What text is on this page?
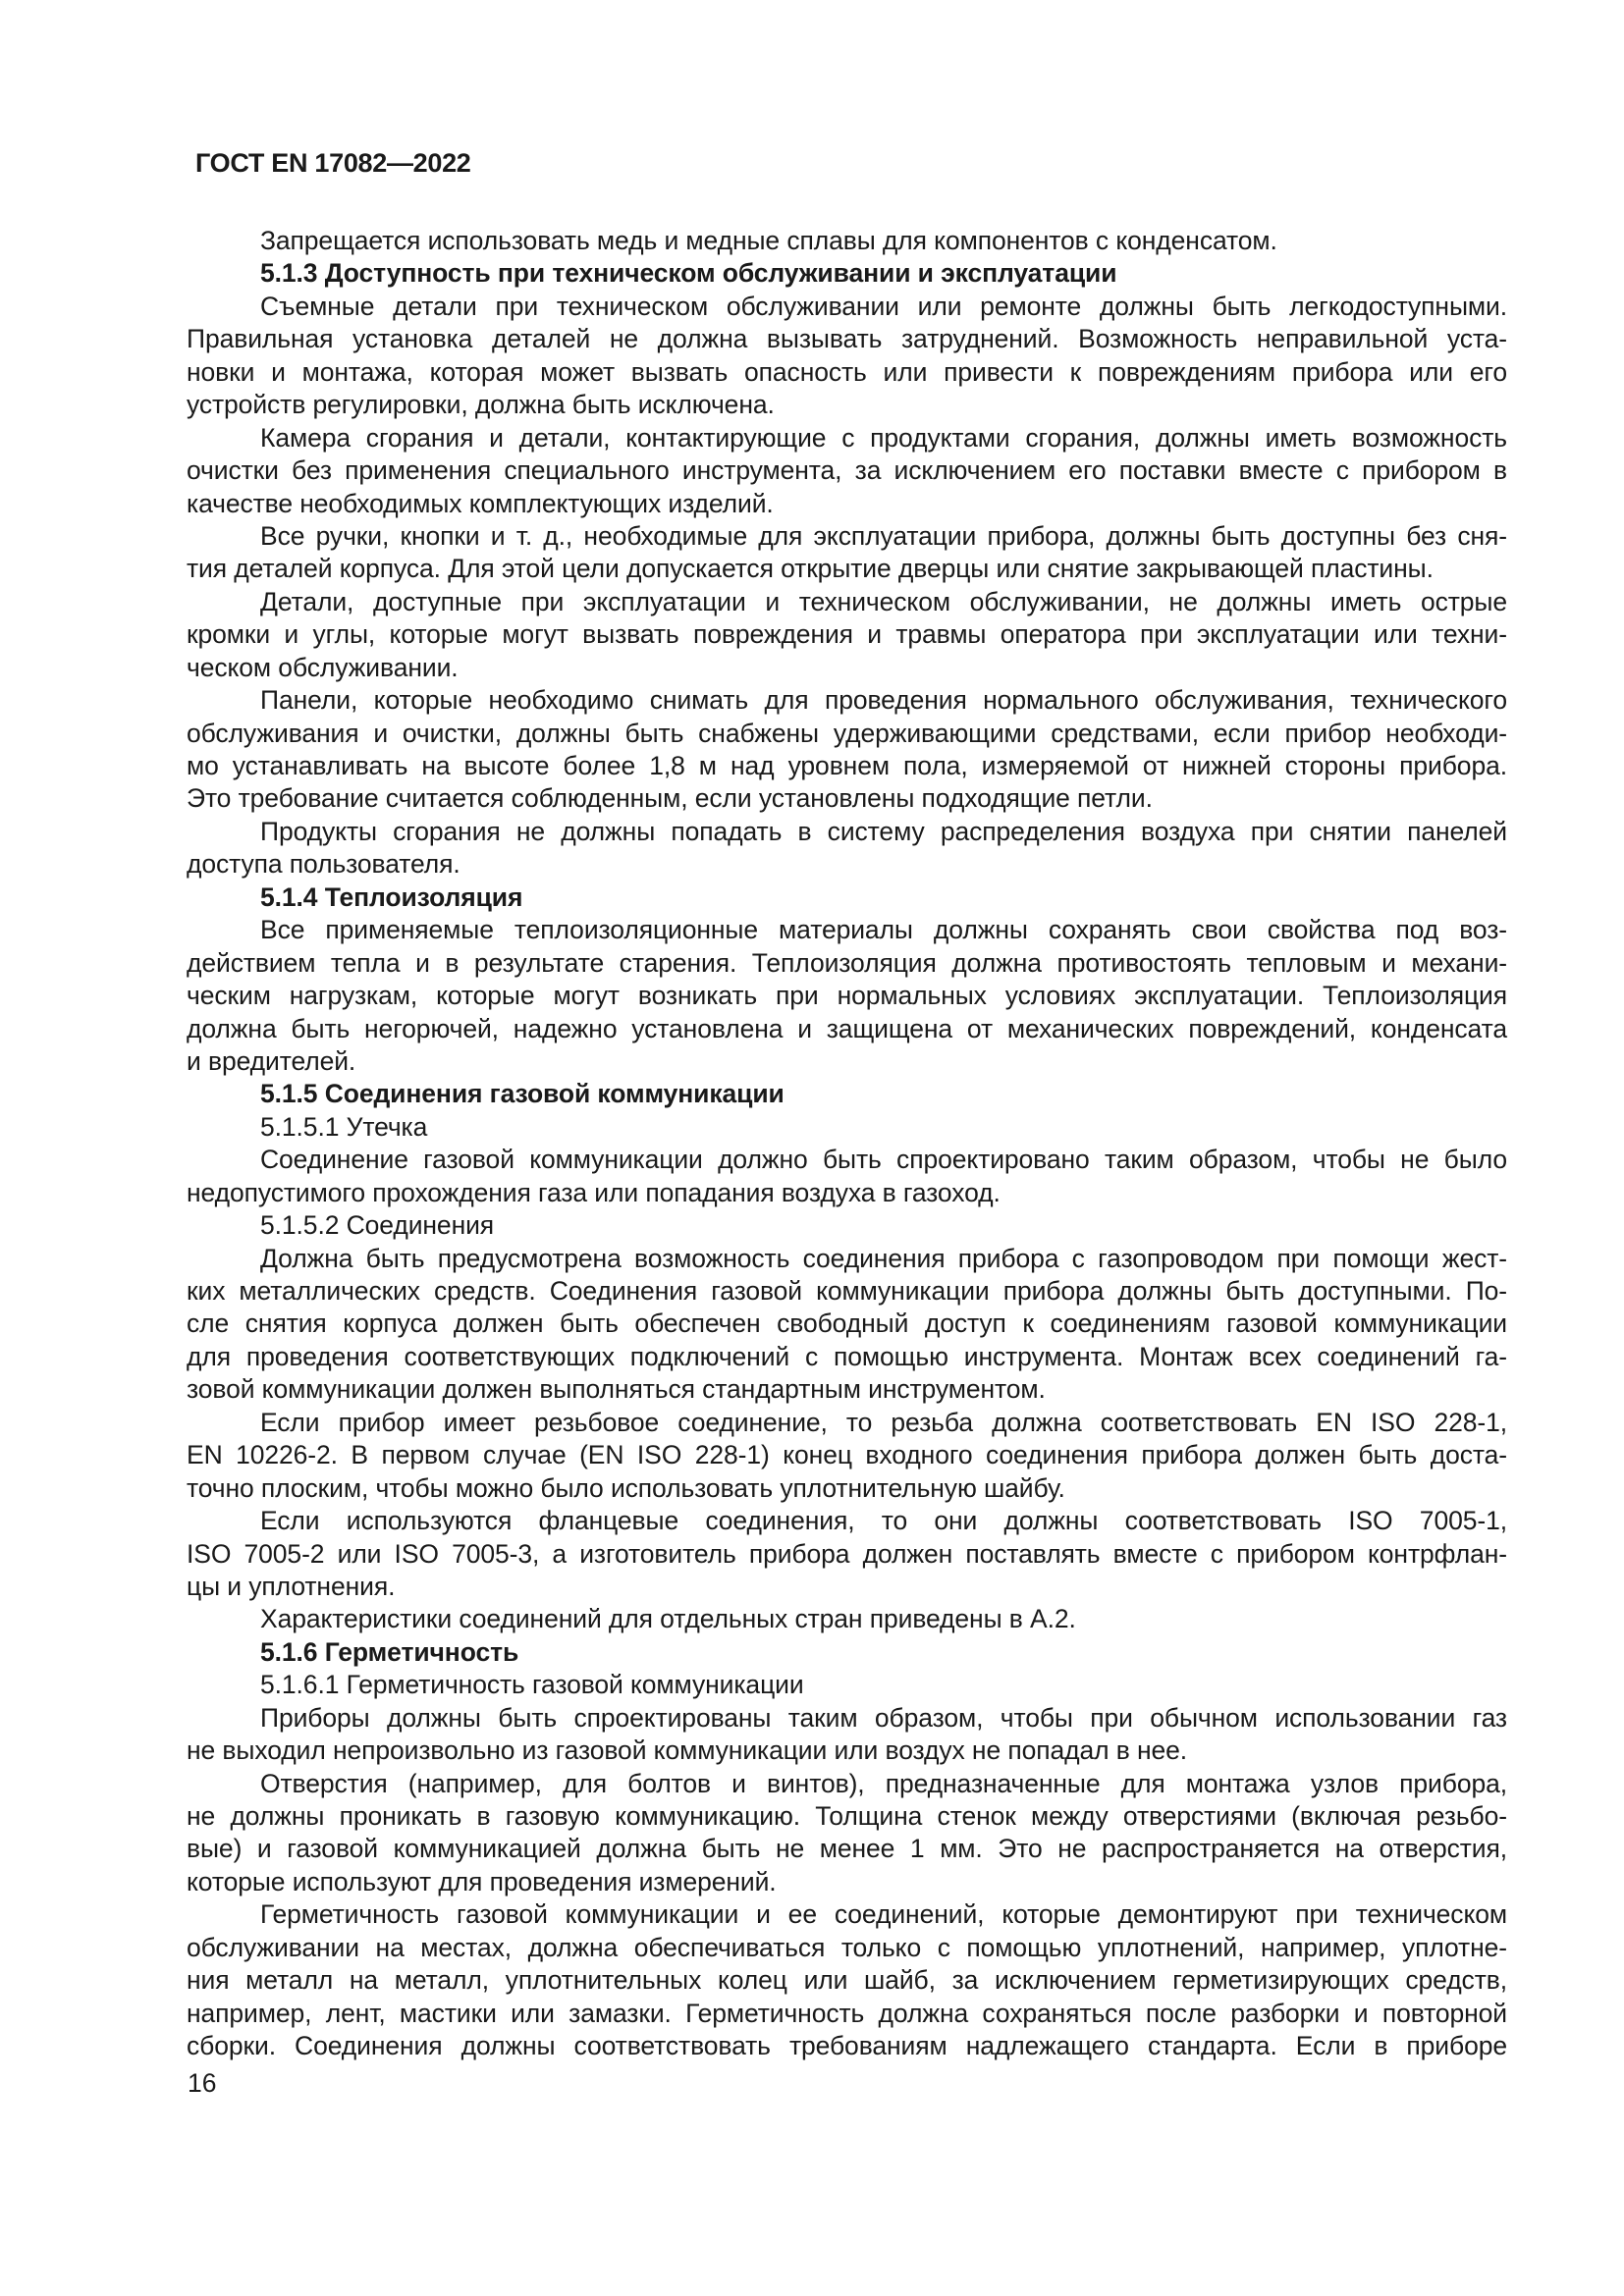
ГОСТ EN 17082—2022
Запрещается использовать медь и медные сплавы для компонентов с конденсатом.
5.1.3 Доступность при техническом обслуживании и эксплуатации
Съемные детали при техническом обслуживании или ремонте должны быть легкодоступными.
Правильная установка деталей не должна вызывать затруднений. Возможность неправильной уста-
новки и монтажа, которая может вызвать опасность или привести к повреждениям прибора или его
устройств регулировки, должна быть исключена.
Камера сгорания и детали, контактирующие с продуктами сгорания, должны иметь возможность
очистки без применения специального инструмента, за исключением его поставки вместе с прибором в
качестве необходимых комплектующих изделий.
Все ручки, кнопки и т. д., необходимые для эксплуатации прибора, должны быть доступны без сня-
тия деталей корпуса. Для этой цели допускается открытие дверцы или снятие закрывающей пластины.
Детали, доступные при эксплуатации и техническом обслуживании, не должны иметь острые
кромки и углы, которые могут вызвать повреждения и травмы оператора при эксплуатации или техни-
ческом обслуживании.
Панели, которые необходимо снимать для проведения нормального обслуживания, технического
обслуживания и очистки, должны быть снабжены удерживающими средствами, если прибор необходи-
мо устанавливать на высоте более 1,8 м над уровнем пола, измеряемой от нижней стороны прибора.
Это требование считается соблюденным, если установлены подходящие петли.
Продукты сгорания не должны попадать в систему распределения воздуха при снятии панелей
доступа пользователя.
5.1.4 Теплоизоляция
Все применяемые теплоизоляционные материалы должны сохранять свои свойства под воз-
действием тепла и в результате старения. Теплоизоляция должна противостоять тепловым и механи-
ческим нагрузкам, которые могут возникать при нормальных условиях эксплуатации. Теплоизоляция
должна быть негорючей, надежно установлена и защищена от механических повреждений, конденсата
и вредителей.
5.1.5 Соединения газовой коммуникации
5.1.5.1 Утечка
Соединение газовой коммуникации должно быть спроектировано таким образом, чтобы не было
недопустимого прохождения газа или попадания воздуха в газоход.
5.1.5.2 Соединения
Должна быть предусмотрена возможность соединения прибора с газопроводом при помощи жест-
ких металлических средств. Соединения газовой коммуникации прибора должны быть доступными. По-
сле снятия корпуса должен быть обеспечен свободный доступ к соединениям газовой коммуникации
для проведения соответствующих подключений с помощью инструмента. Монтаж всех соединений га-
зовой коммуникации должен выполняться стандартным инструментом.
Если прибор имеет резьбовое соединение, то резьба должна соответствовать EN ISO 228-1,
EN 10226-2. В первом случае (EN ISO 228-1) конец входного соединения прибора должен быть доста-
точно плоским, чтобы можно было использовать уплотнительную шайбу.
Если используются фланцевые соединения, то они должны соответствовать ISO 7005-1,
ISO 7005-2 или ISO 7005-3, а изготовитель прибора должен поставлять вместе с прибором контрфлан-
цы и уплотнения.
Характеристики соединений для отдельных стран приведены в А.2.
5.1.6 Герметичность
5.1.6.1 Герметичность газовой коммуникации
Приборы должны быть спроектированы таким образом, чтобы при обычном использовании газ
не выходил непроизвольно из газовой коммуникации или воздух не попадал в нее.
Отверстия (например, для болтов и винтов), предназначенные для монтажа узлов прибора,
не должны проникать в газовую коммуникацию. Толщина стенок между отверстиями (включая резьбо-
вые) и газовой коммуникацией должна быть не менее 1 мм. Это не распространяется на отверстия,
которые используют для проведения измерений.
Герметичность газовой коммуникации и ее соединений, которые демонтируют при техническом
обслуживании на местах, должна обеспечиваться только с помощью уплотнений, например, уплотне-
ния металл на металл, уплотнительных колец или шайб, за исключением герметизирующих средств,
например, лент, мастики или замазки. Герметичность должна сохраняться после разборки и повторной
сборки. Соединения должны соответствовать требованиям надлежащего стандарта. Если в приборе
16
